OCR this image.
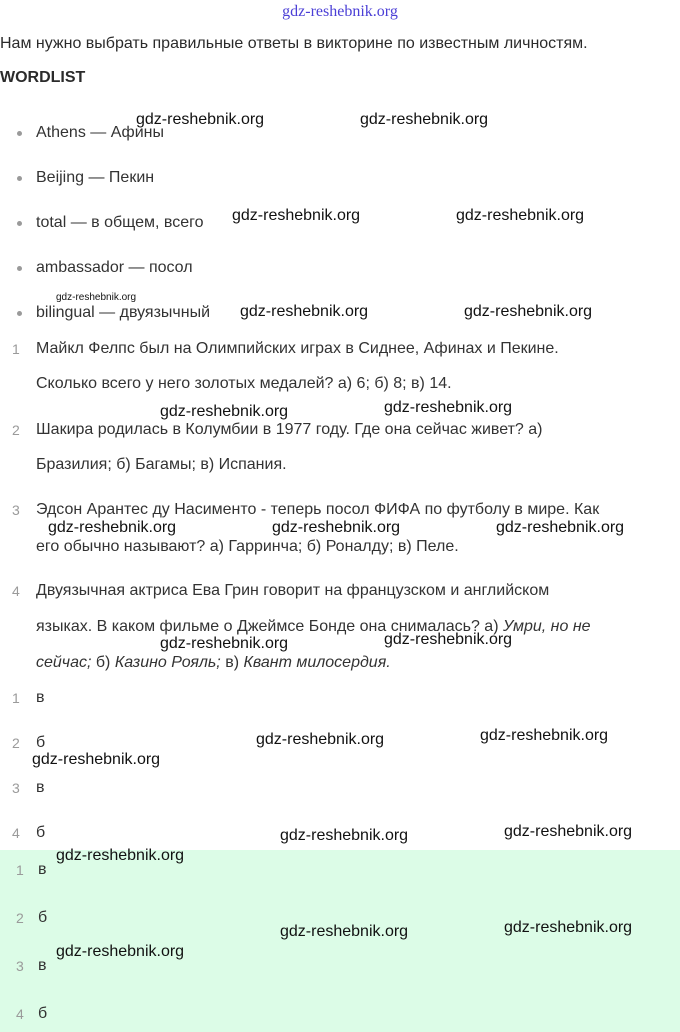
gdz-reshebnik.org
Нам нужно выбрать правильные ответы в викторине по известным личностям.
WORDLIST
Athens — Афины
Beijing — Пекин
total — в общем, всего
ambassador — посол
bilingual — двуязычный
1	Майкл Фелпс был на Олимпийских играх в Сиднее, Афинах и Пекине.
Сколько всего у него золотых медалей? а) 6; б) 8; в) 14.
2	Шакира родилась в Колумбии в 1977 году. Где она сейчас живет? а)
Бразилия; б) Багамы; в) Испания.
3	Эдсон Арантес ду Насименто - теперь посол ФИФА по футболу в мире. Как
его обычно называют? а) Гарринча; б) Роналду; в) Пеле.
4	Двуязычная актриса Ева Грин говорит на французском и английском
языках. В каком фильме о Джеймсе Бонде она снималась? а) Умри, но не
сейчас; б) Казино Рояль; в) Квант милосердия.
1	в
2	б
3	в
4	б
1 в
2 б
3 в
4 б
gdz-reshebnik.org	gdz-reshebnik.org
gdz-reshebnik.org	gdz-reshebnik.org
gdz-reshebnik.org
gdz-reshebnik.org	gdz-reshebnik.org
gdz-reshebnik.org	gdz-reshebnik.org
gdz-reshebnik.org	gdz-reshebnik.org	gdz-reshebnik.org
gdz-reshebnik.org	gdz-reshebnik.org
gdz-reshebnik.org	gdz-reshebnik.org
gdz-reshebnik.org
gdz-reshebnik.org	gdz-reshebnik.org
gdz-reshebnik.org
gdz-reshebnik.org	gdz-reshebnik.org
gdz-reshebnik.org
